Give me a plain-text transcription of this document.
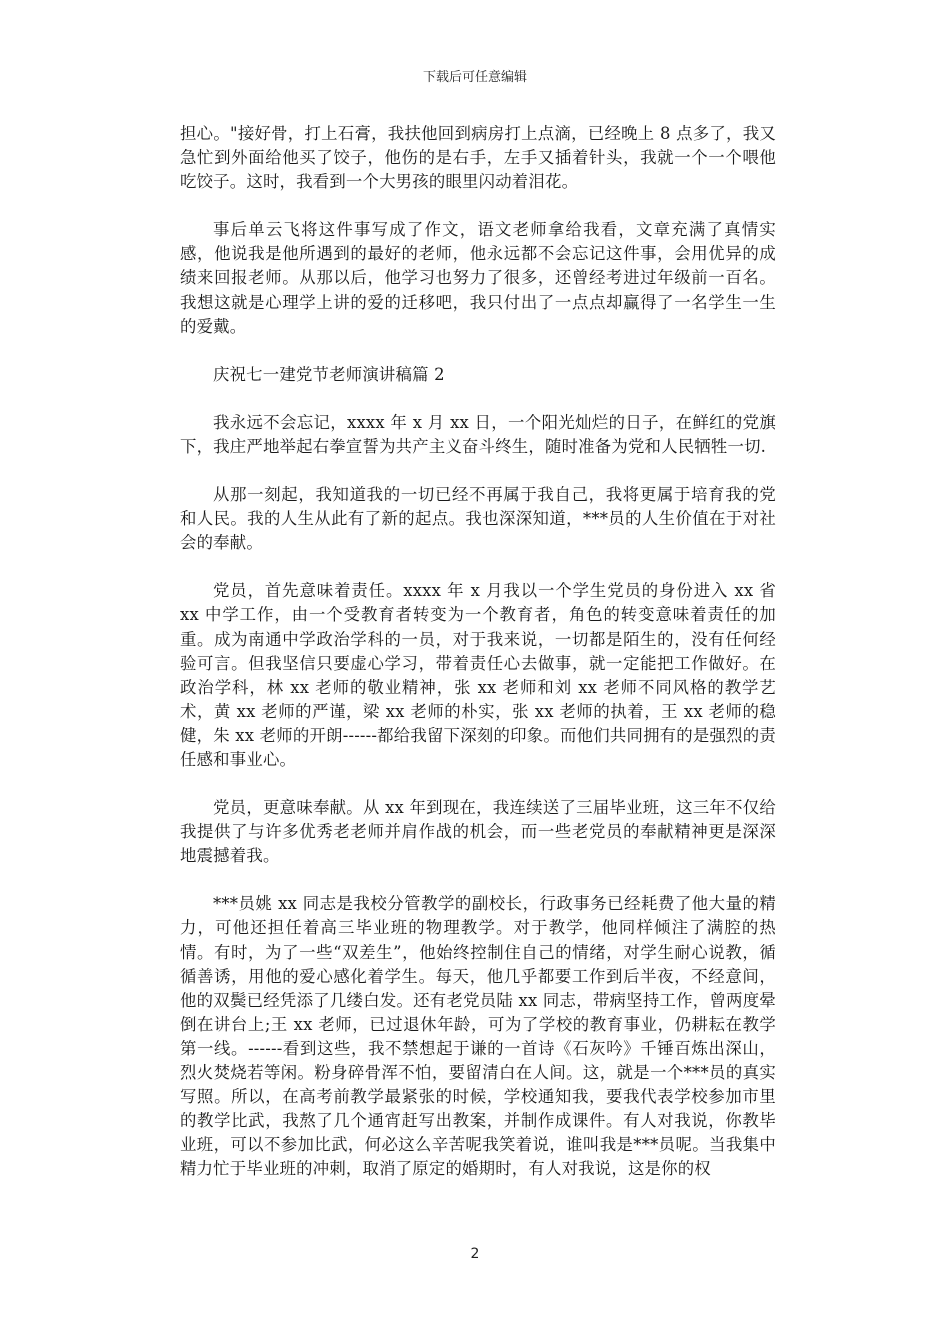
下载后可任意编辑

担心。"接好骨，打上石膏，我扶他回到病房打上点滴，已经晚上 8 点多了，我又急忙到外面给他买了饺子，他伤的是右手，左手又插着针头，我就一个一个喂他吃饺子。这时，我看到一个大男孩的眼里闪动着泪花。

事后单云飞将这件事写成了作文，语文老师拿给我看，文章充满了真情实感，他说我是他所遇到的最好的老师，他永远都不会忘记这件事，会用优异的成绩来回报老师。从那以后，他学习也努力了很多，还曾经考进过年级前一百名。我想这就是心理学上讲的爱的迁移吧，我只付出了一点点却赢得了一名学生一生的爱戴。

庆祝七一建党节老师演讲稿篇 2

我永远不会忘记，xxxx 年 x 月 xx 日，一个阳光灿烂的日子，在鲜红的党旗下，我庄严地举起右拳宣誓为共产主义奋斗终生，随时准备为党和人民牺牲一切.

从那一刻起，我知道我的一切已经不再属于我自己，我将更属于培育我的党和人民。我的人生从此有了新的起点。我也深深知道，***员的人生价值在于对社会的奉献。

党员，首先意味着责任。xxxx 年 x 月我以一个学生党员的身份进入 xx 省 xx 中学工作，由一个受教育者转变为一个教育者，角色的转变意味着责任的加重。成为南通中学政治学科的一员，对于我来说，一切都是陌生的，没有任何经验可言。但我坚信只要虚心学习，带着责任心去做事，就一定能把工作做好。在政治学科，林 xx 老师的敬业精神，张 xx 老师和刘 xx 老师不同风格的教学艺术，黄 xx 老师的严谨，梁 xx 老师的朴实，张 xx 老师的执着，王 xx 老师的稳健，朱 xx 老师的开朗------都给我留下深刻的印象。而他们共同拥有的是强烈的责任感和事业心。

党员，更意味奉献。从 xx 年到现在，我连续送了三届毕业班，这三年不仅给我提供了与许多优秀老老师并肩作战的机会，而一些老党员的奉献精神更是深深地震撼着我。

***员姚 xx 同志是我校分管教学的副校长，行政事务已经耗费了他大量的精力，可他还担任着高三毕业班的物理教学。对于教学，他同样倾注了满腔的热情。有时，为了一些“双差生”，他始终控制住自己的情绪，对学生耐心说教，循循善诱，用他的爱心感化着学生。每天，他几乎都要工作到后半夜，不经意间，他的双鬓已经凭添了几缕白发。还有老党员陆 xx 同志，带病坚持工作，曾两度晕倒在讲台上;王 xx 老师，已过退休年龄，可为了学校的教育事业，仍耕耘在教学第一线。------看到这些，我不禁想起于谦的一首诗《石灰吟》千锤百炼出深山，烈火焚烧若等闲。粉身碎骨浑不怕，要留清白在人间。这，就是一个***员的真实写照。所以，在高考前教学最紧张的时候，学校通知我，要我代表学校参加市里的教学比武，我熬了几个通宵赶写出教案，并制作成课件。有人对我说，你教毕业班，可以不参加比武，何必这么辛苦呢我笑着说，谁叫我是***员呢。当我集中精力忙于毕业班的冲刺，取消了原定的婚期时，有人对我说，这是你的权

2
